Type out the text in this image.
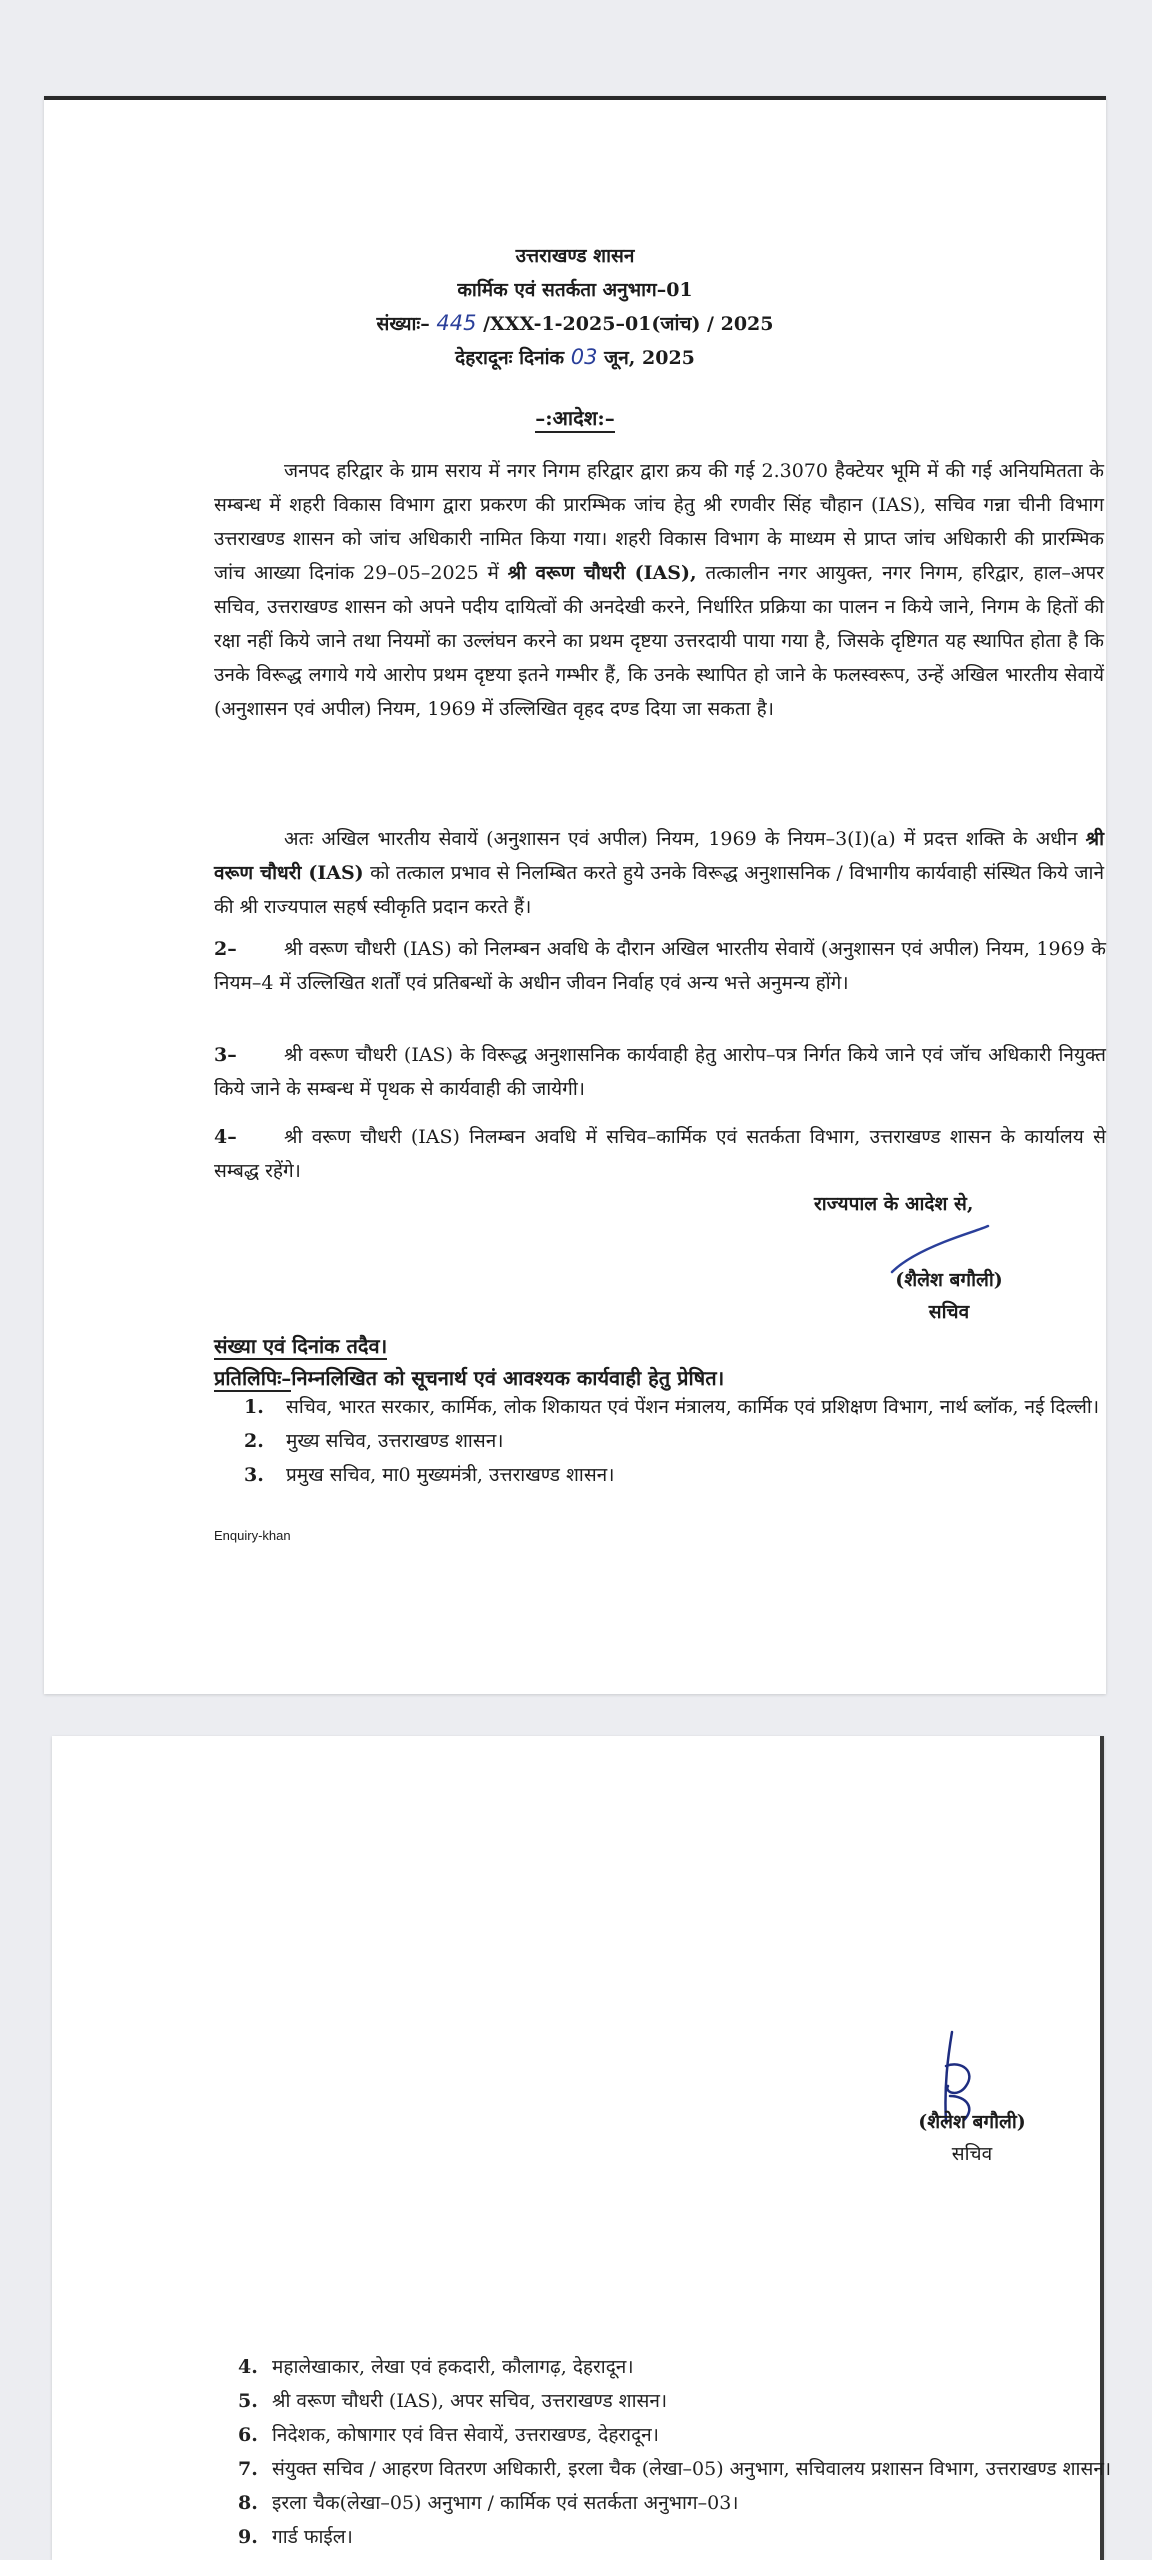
उत्तराखण्ड शासन
कार्मिक एवं सतर्कता अनुभाग–01
संख्याः– 445 /XXX-1-2025–01(जांच) / 2025
देहरादूनः दिनांक 03 जून, 2025
–:आदेश:–
जनपद हरिद्वार के ग्राम सराय में नगर निगम हरिद्वार द्वारा क्रय की गई 2.3070 हैक्टेयर भूमि में की गई अनियमितता के सम्बन्ध में शहरी विकास विभाग द्वारा प्रकरण की प्रारम्भिक जांच हेतु श्री रणवीर सिंह चौहान (IAS), सचिव गन्ना चीनी विभाग उत्तराखण्ड शासन को जांच अधिकारी नामित किया गया। शहरी विकास विभाग के माध्यम से प्राप्त जांच अधिकारी की प्रारम्भिक जांच आख्या दिनांक 29–05–2025 में श्री वरूण चौधरी (IAS), तत्कालीन नगर आयुक्त, नगर निगम, हरिद्वार, हाल–अपर सचिव, उत्तराखण्ड शासन को अपने पदीय दायित्वों की अनदेखी करने, निर्धारित प्रक्रिया का पालन न किये जाने, निगम के हितों की रक्षा नहीं किये जाने तथा नियमों का उल्लंघन करने का प्रथम दृष्टया उत्तरदायी पाया गया है, जिसके दृष्टिगत यह स्थापित होता है कि उनके विरूद्ध लगाये गये आरोप प्रथम दृष्टया इतने गम्भीर हैं, कि उनके स्थापित हो जाने के फलस्वरूप, उन्हें अखिल भारतीय सेवायें (अनुशासन एवं अपील) नियम, 1969 में उल्लिखित वृहद दण्ड दिया जा सकता है।
अतः अखिल भारतीय सेवायें (अनुशासन एवं अपील) नियम, 1969 के नियम–3(I)(a) में प्रदत्त शक्ति के अधीन श्री वरूण चौधरी (IAS) को तत्काल प्रभाव से निलम्बित करते हुये उनके विरूद्ध अनुशासनिक / विभागीय कार्यवाही संस्थित किये जाने की श्री राज्यपाल सहर्ष स्वीकृति प्रदान करते हैं।
2– श्री वरूण चौधरी (IAS) को निलम्बन अवधि के दौरान अखिल भारतीय सेवायें (अनुशासन एवं अपील) नियम, 1969 के नियम–4 में उल्लिखित शर्तों एवं प्रतिबन्धों के अधीन जीवन निर्वाह एवं अन्य भत्ते अनुमन्य होंगे।
3– श्री वरूण चौधरी (IAS) के विरूद्ध अनुशासनिक कार्यवाही हेतु आरोप–पत्र निर्गत किये जाने एवं जॉच अधिकारी नियुक्त किये जाने के सम्बन्ध में पृथक से कार्यवाही की जायेगी।
4– श्री वरूण चौधरी (IAS) निलम्बन अवधि में सचिव–कार्मिक एवं सतर्कता विभाग, उत्तराखण्ड शासन के कार्यालय से सम्बद्ध रहेंगे।
राज्यपाल के आदेश से,
(शैलेश बगौली)
सचिव
संख्या एवं दिनांक तदैव।
प्रतिलिपिः–निम्नलिखित को सूचनार्थ एवं आवश्यक कार्यवाही हेतु प्रेषित।
1. सचिव, भारत सरकार, कार्मिक, लोक शिकायत एवं पेंशन मंत्रालय, कार्मिक एवं प्रशिक्षण विभाग, नार्थ ब्लॉक, नई दिल्ली।
2. मुख्य सचिव, उत्तराखण्ड शासन।
3. प्रमुख सचिव, मा0 मुख्यमंत्री, उत्तराखण्ड शासन।
Enquiry-khan
4. महालेखाकार, लेखा एवं हकदारी, कौलागढ़, देहरादून।
5. श्री वरूण चौधरी (IAS), अपर सचिव, उत्तराखण्ड शासन।
6. निदेशक, कोषागार एवं वित्त सेवायें, उत्तराखण्ड, देहरादून।
7. संयुक्त सचिव / आहरण वितरण अधिकारी, इरला चैक (लेखा–05) अनुभाग, सचिवालय प्रशासन विभाग, उत्तराखण्ड शासन।
8. इरला चैक(लेखा–05) अनुभाग / कार्मिक एवं सतर्कता अनुभाग–03।
9. गार्ड फाईल।
(शैलेश बगौली)
सचिव
